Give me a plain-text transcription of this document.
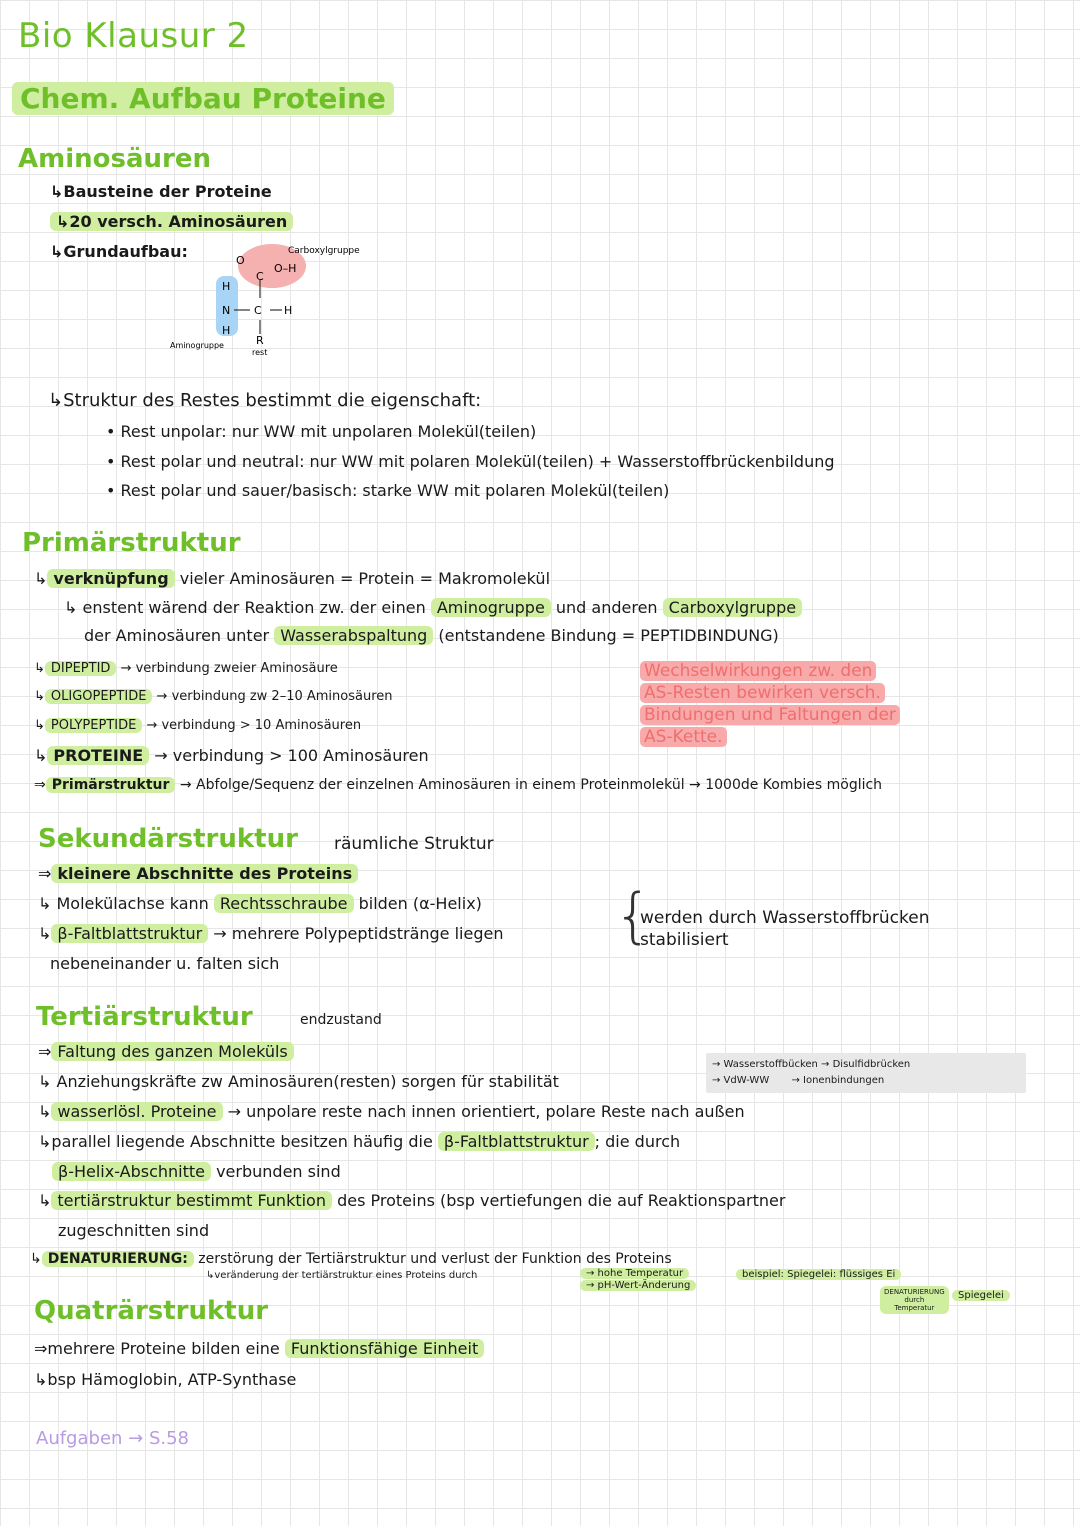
Bio Klausur 2
Chem. Aufbau Proteine
Aminosäuren
↳Bausteine der Proteine
↳20 versch. Aminosäuren
↳Grundaufbau:	Carboxylgruppe
O
O–H
C
C H
H
N
H
R
Aminogruppe
rest
↳Struktur des Restes bestimmt die eigenschaft:
• Rest unpolar: nur WW mit unpolaren Molekül(teilen)
• Rest polar und neutral: nur WW mit polaren Molekül(teilen) + Wasserstoffbrückenbildung
• Rest polar und sauer/basisch: starke WW mit polaren Molekül(teilen)
Primärstruktur
↳ verknüpfung vieler Aminosäuren = Protein = Makromolekül
↳ enstent wärend der Reaktion zw. der einen Aminogruppe und anderen Carboxylgruppe
der Aminosäuren unter Wasserabspaltung (entstandene Bindung = PEPTIDBINDUNG)
↳ DIPEPTID → verbindung zweier Aminosäure
↳ OLIGOPEPTIDE → verbindung zw 2–10 Aminosäuren
↳ POLYPEPTIDE → verbindung > 10 Aminosäuren
↳ PROTEINE → verbindung > 100 Aminosäuren
Wechselwirkungen zw. den
AS-Resten bewirken versch.
Bindungen und Faltungen der
AS-Kette.
⇒ Primärstruktur → Abfolge/Sequenz der einzelnen Aminosäuren in einem Proteinmolekül → 1000de Kombies möglich
Sekundärstruktur räumliche Struktur
⇒ kleinere Abschnitte des Proteins
↳ Molekülachse kann Rechtsschraube bilden (α-Helix)
↳ β-Faltblattstruktur → mehrere Polypeptidstränge liegen
nebeneinander u. falten sich
{
werden durch Wasserstoffbrücken
stabilisiert
Tertiärstruktur	endzustand
⇒ Faltung des ganzen Moleküls
↳ Anziehungskräfte zw Aminosäuren(resten) sorgen für stabilität
→ Wasserstoffbücken → Disulfidbrücken
→ VdW-WW       → Ionenbindungen
↳ wasserlösl. Proteine → unpolare reste nach innen orientiert, polare Reste nach außen
↳parallel liegende Abschnitte besitzen häufig die β-Faltblattstruktur ; die durch
β-Helix-Abschnitte verbunden sind
↳ tertiärstruktur bestimmt Funktion des Proteins (bsp vertiefungen die auf Reaktionspartner
zugeschnitten sind
↳ DENATURIERUNG: zerstörung der Tertiärstruktur und verlust der Funktion des Proteins
↳veränderung der tertiärstruktur eines Proteins durch	→ hohe Temperatur
→ pH-Wert-Änderung
beispiel: Spiegelei: flüssiges Ei
DENATURIERUNG
durch
Temperatur
Spiegelei
Quaträrstruktur
⇒mehrere Proteine bilden eine Funktionsfähige Einheit
↳bsp Hämoglobin, ATP-Synthase
Aufgaben → S.58
